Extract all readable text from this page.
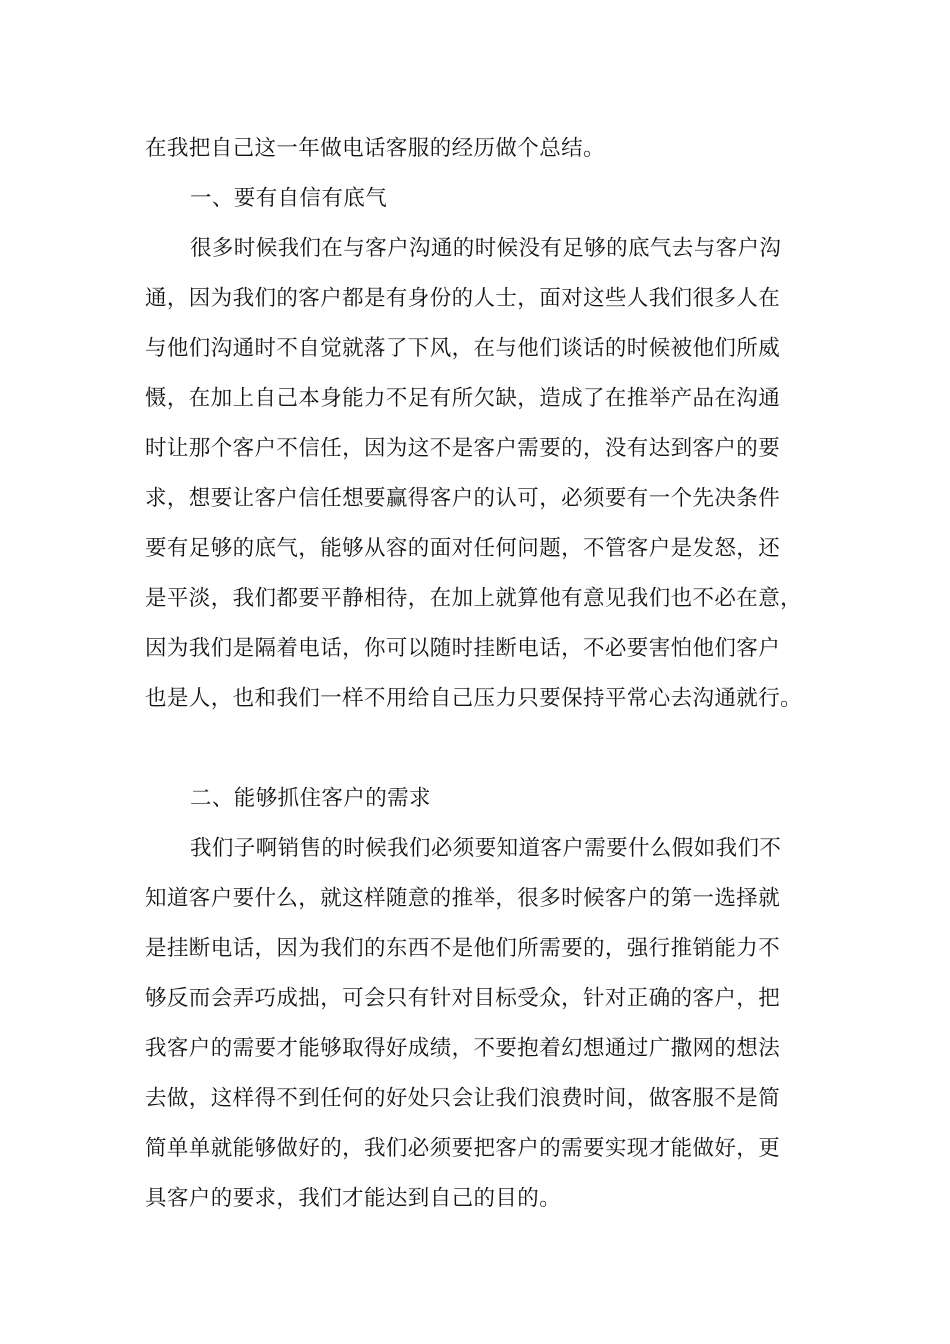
在我把自己这一年做电话客服的经历做个总结。
一、要有自信有底气
很多时候我们在与客户沟通的时候没有足够的底气去与客户沟
通，因为我们的客户都是有身份的人士，面对这些人我们很多人在
与他们沟通时不自觉就落了下风，在与他们谈话的时候被他们所威
慑，在加上自己本身能力不足有所欠缺，造成了在推举产品在沟通
时让那个客户不信任，因为这不是客户需要的，没有达到客户的要
求，想要让客户信任想要赢得客户的认可，必须要有一个先决条件
要有足够的底气，能够从容的面对任何问题，不管客户是发怒，还
是平淡，我们都要平静相待，在加上就算他有意见我们也不必在意，
因为我们是隔着电话，你可以随时挂断电话，不必要害怕他们客户
也是人，也和我们一样不用给自己压力只要保持平常心去沟通就行。
二、能够抓住客户的需求
我们子啊销售的时候我们必须要知道客户需要什么假如我们不
知道客户要什么，就这样随意的推举，很多时候客户的第一选择就
是挂断电话，因为我们的东西不是他们所需要的，强行推销能力不
够反而会弄巧成拙，可会只有针对目标受众，针对正确的客户，把
我客户的需要才能够取得好成绩，不要抱着幻想通过广撒网的想法
去做，这样得不到任何的好处只会让我们浪费时间，做客服不是简
简单单就能够做好的，我们必须要把客户的需要实现才能做好，更
具客户的要求，我们才能达到自己的目的。
